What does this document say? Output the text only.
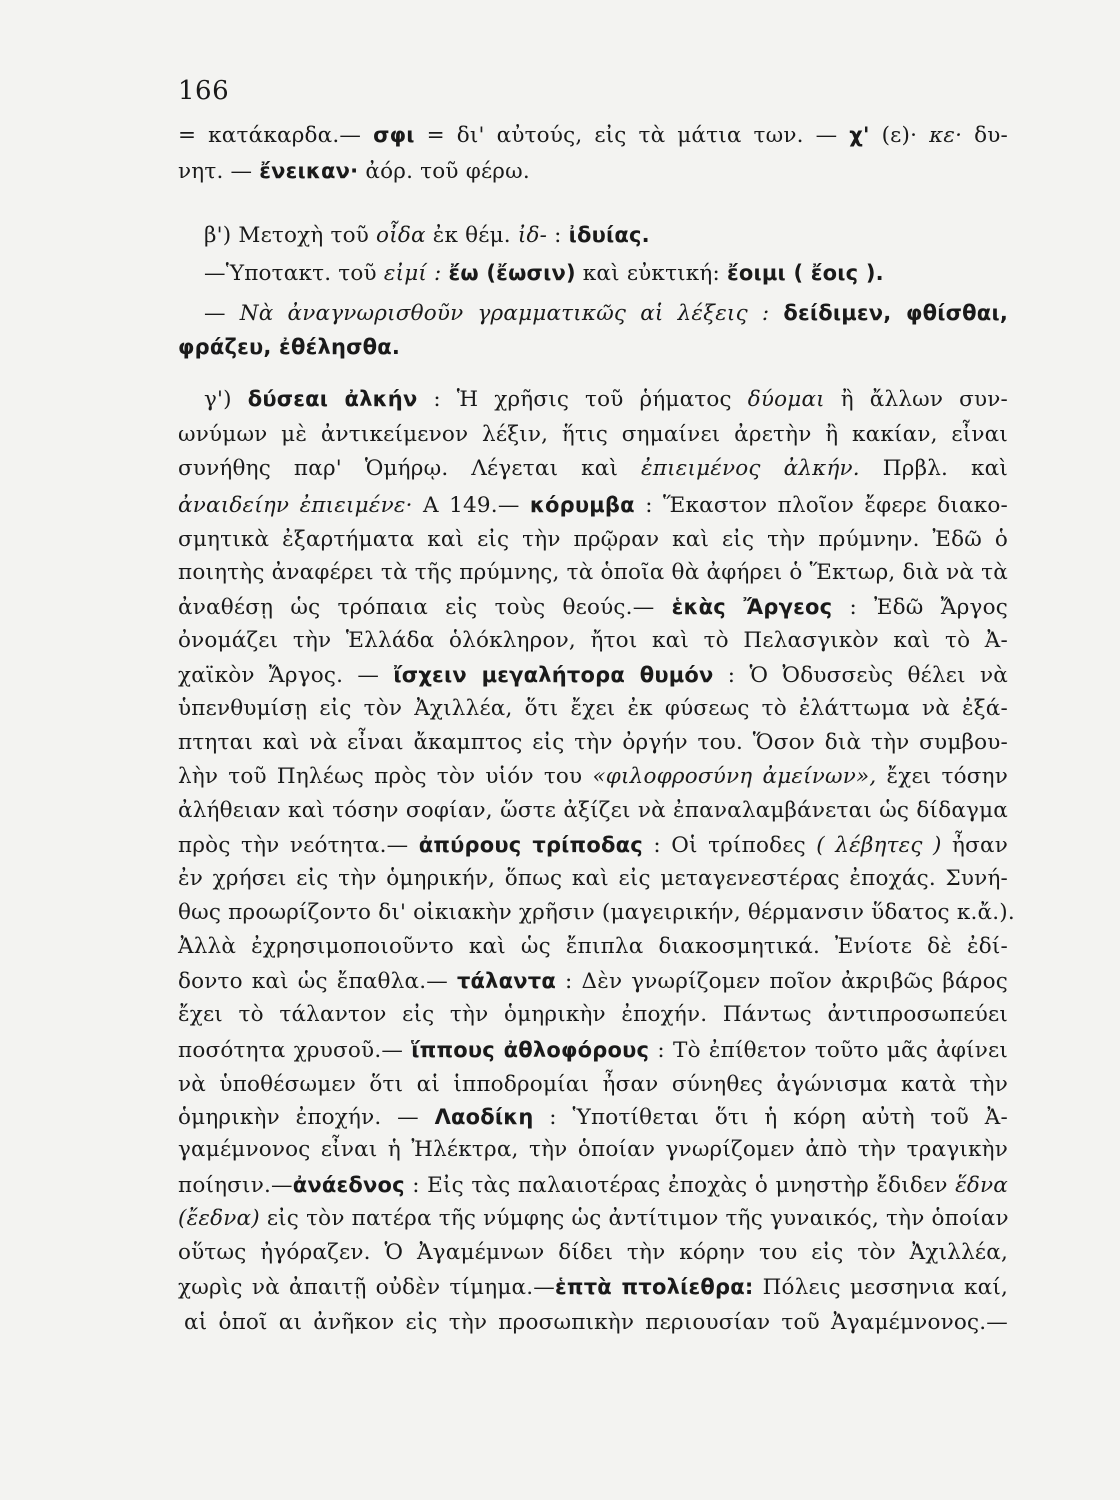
166
= κατάκαρδα.— σφι = δι' αὐτούς, εἰς τὰ μάτια των. — χ' (ε)· κε· δυ-
νητ. — ἔνεικαν· ἀόρ. τοῦ φέρω.
β') Μετοχὴ τοῦ οἶδα ἐκ θέμ. ἰδ- : ἰδυίας.
—Ὑποτακτ. τοῦ εἰμί : ἔω (ἔωσιν) καὶ εὐκτική: ἔοιμι ( ἔοις ).
— Νὰ ἀναγνωρισθοῦν γραμματικῶς αἱ λέξεις : δείδιμεν, φθίσθαι,
φράζευ, ἐθέλησθα.
γ') δύσεαι ἀλκήν : Ἡ χρῆσις τοῦ ῥήματος δύομαι ἢ ἄλλων συν-
ωνύμων μὲ ἀντικείμενον λέξιν, ἥτις σημαίνει ἀρετὴν ἢ κακίαν, εἶναι
συνήθης παρ' Ὁμήρῳ. Λέγεται καὶ ἐπιειμένος ἀλκήν. Πρβλ. καὶ
ἀναιδείην ἐπιειμένε· Α 149.— κόρυμβα : Ἕκαστον πλοῖον ἔφερε διακο-
σμητικὰ ἐξαρτήματα καὶ εἰς τὴν πρῷραν καὶ εἰς τὴν πρύμνην. Ἐδῶ ὁ
ποιητὴς ἀναφέρει τὰ τῆς πρύμνης, τὰ ὁποῖα θὰ ἀφήρει ὁ Ἕκτωρ, διὰ νὰ τὰ
ἀναθέσῃ ὡς τρόπαια εἰς τοὺς θεούς.— ἑκὰς Ἄργεος : Ἐδῶ Ἄργος
ὀνομάζει τὴν Ἑλλάδα ὁλόκληρον, ἤτοι καὶ τὸ Πελασγικὸν καὶ τὸ Ἀ-
χαϊκὸν Ἄργος. — ἴσχειν μεγαλήτορα θυμόν : Ὁ Ὀδυσσεὺς θέλει νὰ
ὑπενθυμίσῃ εἰς τὸν Ἀχιλλέα, ὅτι ἔχει ἐκ φύσεως τὸ ἐλάττωμα νὰ ἐξά-
πτηται καὶ νὰ εἶναι ἄκαμπτος εἰς τὴν ὀργήν του. Ὅσον διὰ τὴν συμβου-
λὴν τοῦ Πηλέως πρὸς τὸν υἱόν του «φιλοφροσύνη ἀμείνων», ἔχει τόσην
ἀλήθειαν καὶ τόσην σοφίαν, ὥστε ἀξίζει νὰ ἐπαναλαμβάνεται ὡς δίδαγμα
πρὸς τὴν νεότητα.— ἀπύρους τρίποδας : Οἱ τρίποδες ( λέβητες ) ἦσαν
ἐν χρήσει εἰς τὴν ὁμηρικήν, ὅπως καὶ εἰς μεταγενεστέρας ἐποχάς. Συνή-
θως προωρίζοντο δι' οἰκιακὴν χρῆσιν (μαγειρικήν, θέρμανσιν ὕδατος κ.ἄ.).
Ἀλλὰ ἐχρησιμοποιοῦντο καὶ ὡς ἔπιπλα διακοσμητικά. Ἐνίοτε δὲ ἐδί-
δοντο καὶ ὡς ἔπαθλα.— τάλαντα : Δὲν γνωρίζομεν ποῖον ἀκριβῶς βάρος
ἔχει τὸ τάλαντον εἰς τὴν ὁμηρικὴν ἐποχήν. Πάντως ἀντιπροσωπεύει
ποσότητα χρυσοῦ.— ἵππους ἀθλοφόρους : Τὸ ἐπίθετον τοῦτο μᾶς ἀφίνει
νὰ ὑποθέσωμεν ὅτι αἱ ἱπποδρομίαι ἦσαν σύνηθες ἀγώνισμα κατὰ τὴν
ὁμηρικὴν ἐποχήν. — Λαοδίκη : Ὑποτίθεται ὅτι ἡ κόρη αὐτὴ τοῦ Ἀ-
γαμέμνονος εἶναι ἡ Ἠλέκτρα, τὴν ὁποίαν γνωρίζομεν ἀπὸ τὴν τραγικὴν
ποίησιν.—ἀνάεδνος : Εἰς τὰς παλαιοτέρας ἐποχὰς ὁ μνηστὴρ ἔδιδεν ἕδνα
(ἔεδνα) εἰς τὸν πατέρα τῆς νύμφης ὡς ἀντίτιμον τῆς γυναικός, τὴν ὁποίαν
οὕτως ἠγόραζεν. Ὁ Ἀγαμέμνων δίδει τὴν κόρην του εἰς τὸν Ἀχιλλέα,
χωρὶς νὰ ἀπαιτῇ οὐδὲν τίμημα.—ἑπτὰ πτολίεθρα: Πόλεις μεσσηνια καί,
αἱ ὁποῖ αι ἀνῆκον εἰς τὴν προσωπικὴν περιουσίαν τοῦ Ἀγαμέμνονος.—
